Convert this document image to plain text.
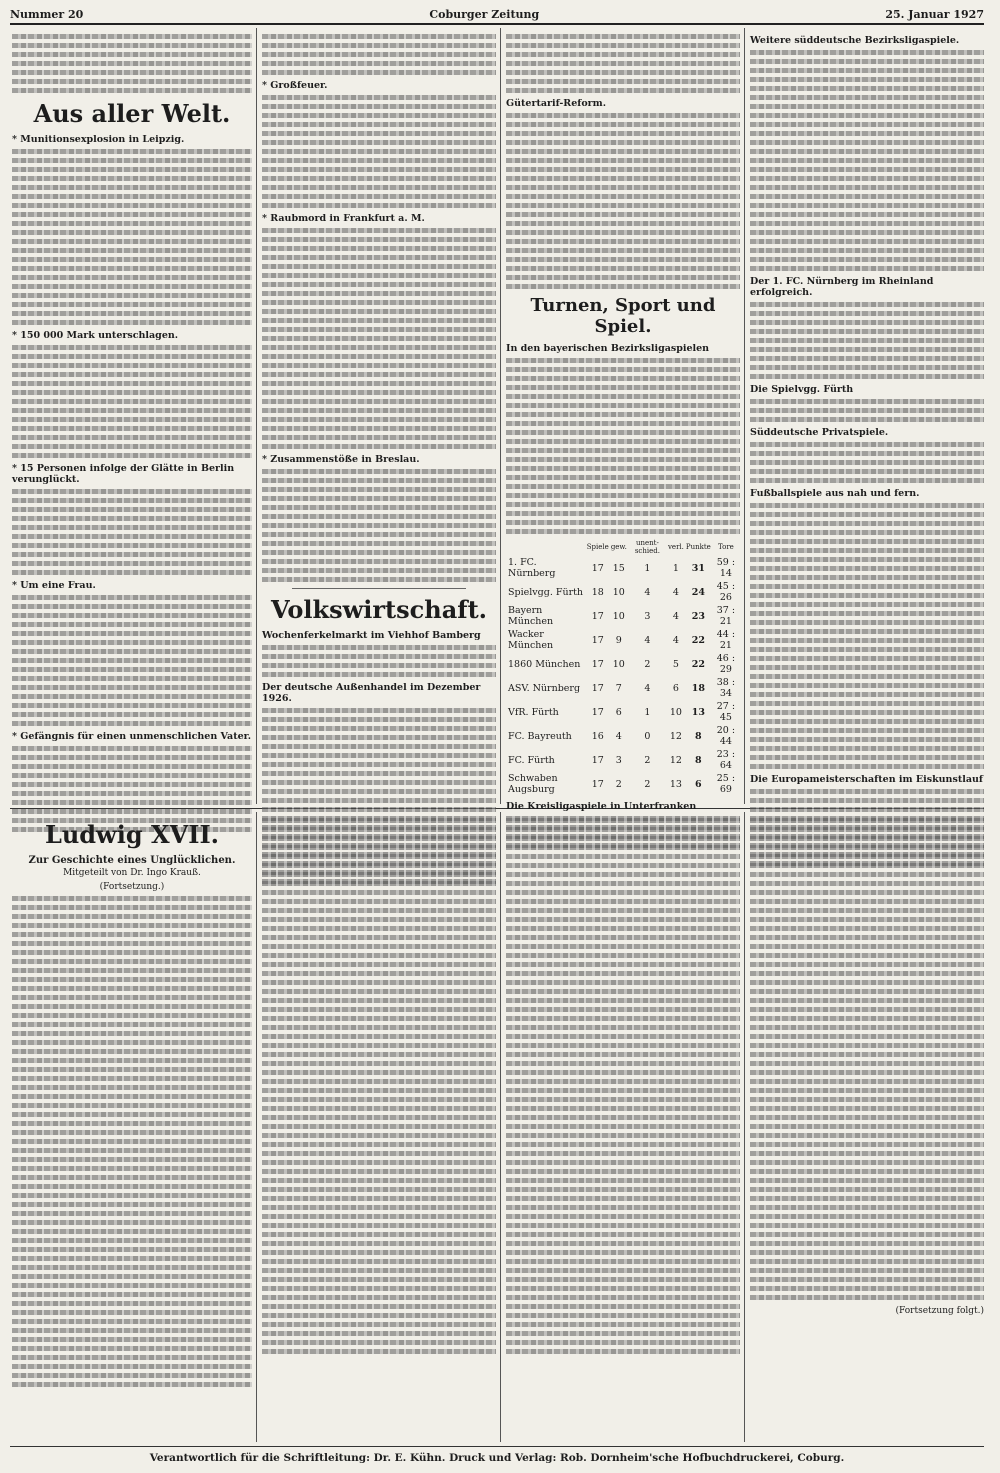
Nummer 20	Coburger Zeitung	25. Januar 1927
Aus aller Welt.
* Munitionsexplosion in Leipzig.
* 150 000 Mark unterschlagen.
* 15 Personen infolge der Glätte in Berlin verunglückt.
* Um eine Frau.
* Gefängnis für einen unmenschlichen Vater.
* Großfeuer.
* Raubmord in Frankfurt a. M.
* Zusammenstöße in Breslau.
Volkswirtschaft.
Wochenferkelmarkt im Viehhof Bamberg
Der deutsche Außenhandel im Dezember 1926.
Gütertarif-Reform.
Turnen, Sport und Spiel.
In den bayerischen Bezirksligaspielen
	Spiele	gew.	unent-schied.	verl.	Punkte	Tore
1. FC. Nürnberg	17	15	1	1	31	59 : 14
Spielvgg. Fürth	18	10	4	4	24	45 : 26
Bayern München	17	10	3	4	23	37 : 21
Wacker München	17	9	4	4	22	44 : 21
1860 München	17	10	2	5	22	46 : 29
ASV. Nürnberg	17	7	4	6	18	38 : 34
VfR. Fürth	17	6	1	10	13	27 : 45
FC. Bayreuth	16	4	0	12	8	20 : 44
FC. Fürth	17	3	2	12	8	23 : 64
Schwaben Augsburg	17	2	2	13	6	25 : 69
Die Kreisligaspiele in Unterfranken
Weitere süddeutsche Bezirksligaspiele.
Der 1. FC. Nürnberg im Rheinland erfolgreich.
Die Spielvgg. Fürth
Süddeutsche Privatspiele.
Fußballspiele aus nah und fern.
Die Europameisterschaften im Eiskunstlauf
Ludwig XVII.
Zur Geschichte eines Unglücklichen.
Mitgeteilt von Dr. Ingo Krauß.
(Fortsetzung.)
(Fortsetzung folgt.)
Verantwortlich für die Schriftleitung: Dr. E. Kühn. Druck und Verlag: Rob. Dornheim'sche Hofbuchdruckerei, Coburg.
